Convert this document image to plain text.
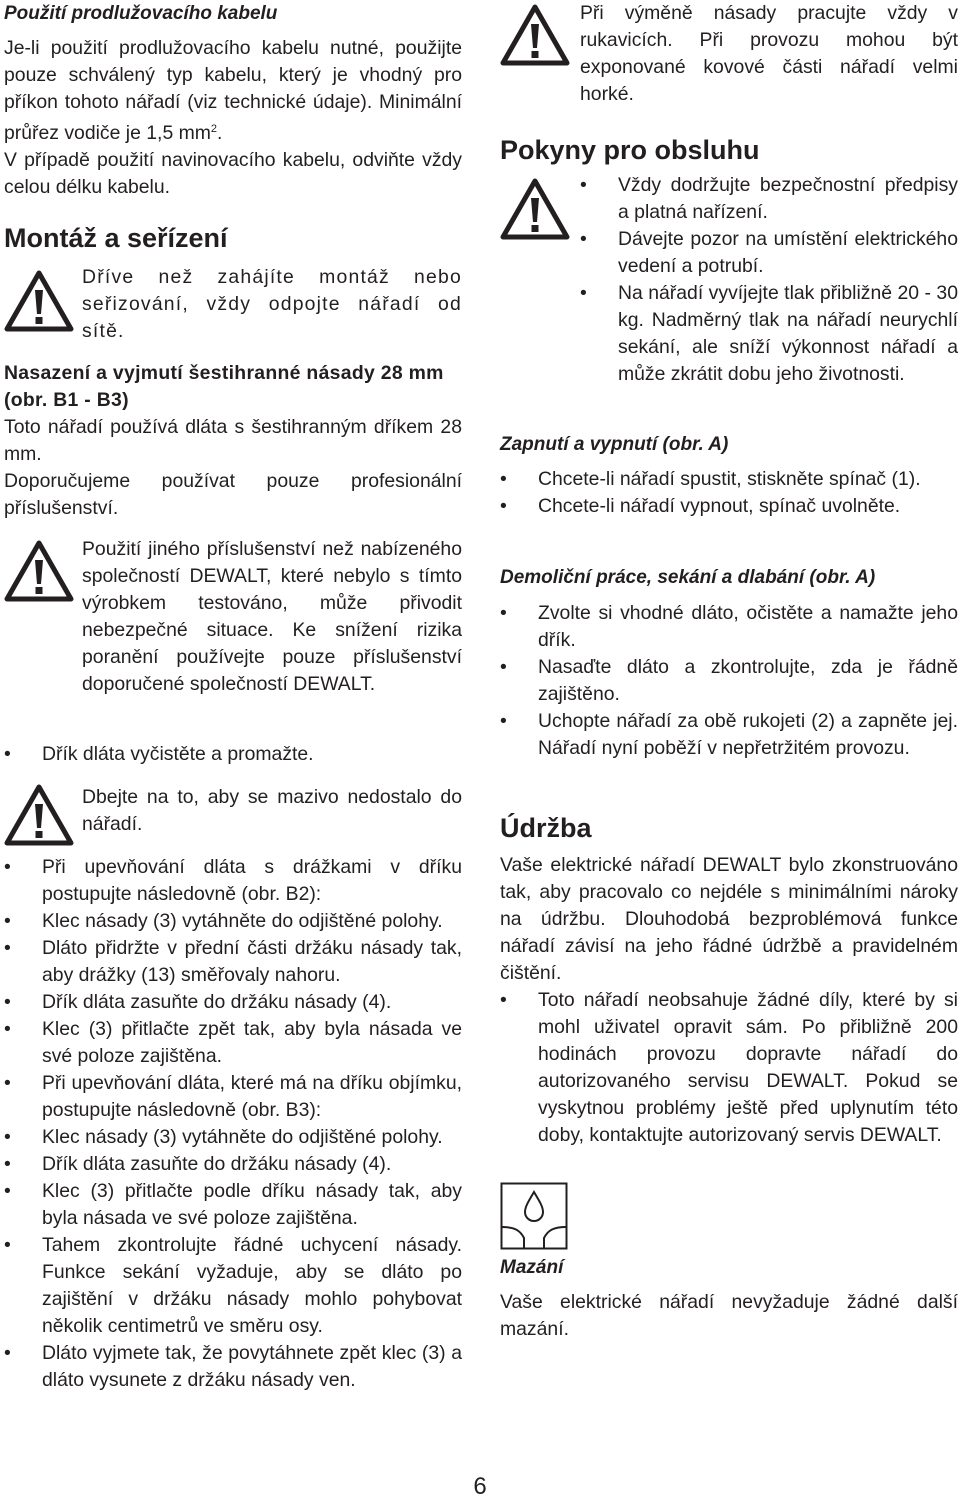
Použití prodlužovacího kabelu

Je-li použití prodlužovacího kabelu nutné, použijte pouze schválený typ kabelu, který je vhodný pro příkon tohoto nářadí (viz technické údaje). Minimální průřez vodiče je 1,5 $mm^2$.

V případě použití navinovacího kabelu, odviňte vždy celou délku kabelu.

Montáž a seřízení
Dříve než zahájíte montáž nebo seřizování, vždy odpojte nářadí od sítě.
Nasazení a vyjmutí šestihranné násady 28 mm (obr. B1 - B3)

Toto nářadí používá dláta s šestihranným dříkem 28 mm.

Doporučujeme používat pouze profesionální příslušenství.

Použití jiného příslušenství než nabízeného společností DEWALT, které nebylo s tímto výrobkem testováno, může přivodit nebezpečné situace. Ke snížení rizika poranění používejte pouze příslušenství doporučené společností DEWALT.
• Dřík dláta vyčistěte a promažte.
Dbejte na to, aby se mazivo nedostalo do nářadí.
• Při upevňování dláta s drážkami v dříku postupujte následovně (obr. B2):
• Klec násady (3) vytáhněte do odjištěné polohy.
• Dláto přidržte v přední části držáku násady tak, aby drážky (13) směřovaly nahoru.
• Dřík dláta zasuňte do držáku násady (4).
• Klec (3) přitlačte zpět tak, aby byla násada ve své poloze zajištěna.
• Při upevňování dláta, které má na dříku objímku, postupujte následovně (obr. B3):
• Klec násady (3) vytáhněte do odjištěné polohy.
• Dřík dláta zasuňte do držáku násady (4).
• Klec (3) přitlačte podle dříku násady tak, aby byla násada ve své poloze zajištěna.
• Tahem zkontrolujte řádné uchycení násady. Funkce sekání vyžaduje, aby se dláto po zajištění v držáku násady mohlo pohybovat několik centimetrů ve směru osy.
• Dláto vyjmete tak, že povytáhnete zpět klec (3) a dláto vysunete z držáku násady ven.
Při výměně násady pracujte vždy v rukavicích. Při provozu mohou být exponované kovové části nářadí velmi horké.
Pokyny pro obsluhu
• Vždy dodržujte bezpečnostní předpisy a platná nařízení.
• Dávejte pozor na umístění elektrického vedení a potrubí.
• Na nářadí vyvíjejte tlak přibližně 20 - 30 kg. Nadměrný tlak na nářadí neurychlí sekání, ale sníží výkonnost nářadí a může zkrátit dobu jeho životnosti.
Zapnutí a vypnutí (obr. A)
• Chcete-li nářadí spustit, stiskněte spínač (1).
• Chcete-li nářadí vypnout, spínač uvolněte.
Demoliční práce, sekání a dlabání (obr. A)
• Zvolte si vhodné dláto, očistěte a namažte jeho dřík.
• Nasaďte dláto a zkontrolujte, zda je řádně zajištěno.
• Uchopte nářadí za obě rukojeti (2) a zapněte jej. Nářadí nyní poběží v nepřetržitém provozu.
Údržba

Vaše elektrické nářadí DEWALT bylo zkonstruováno tak, aby pracovalo co nejdéle s minimálními nároky na údržbu. Dlouhodobá bezproblémová funkce nářadí závisí na jeho řádné údržbě a pravidelném čištění.

• Toto nářadí neobsahuje žádné díly, které by si mohl uživatel opravit sám. Po přibližně 200 hodinách provozu dopravte nářadí do autorizovaného servisu DEWALT. Pokud se vyskytnou problémy ještě před uplynutím této doby, kontaktujte autorizovaný servis DEWALT.
Mazání

Vaše elektrické nářadí nevyžaduje žádné další mazání.

6
